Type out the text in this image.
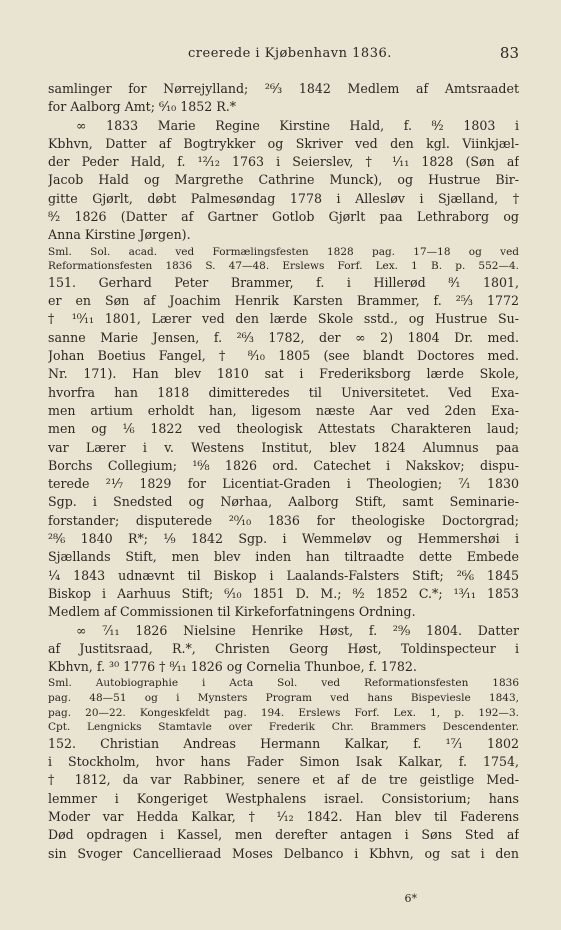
creerede i Kjøbenhavn 1836.	83
samlinger for Nørrejylland; ²⁶⁄₃ 1842 Medlem af Amtsraadet
for Aalborg Amt; ⁶⁄₁₀ 1852 R.*
∞ 1833 Marie Regine Kirstine Hald, f. ⁸⁄₂ 1803 i
Kbhvn, Datter af Bogtrykker og Skriver ved den kgl. Viinkjæl-
der Peder Hald, f. ¹²⁄₁₂ 1763 i Seierslev, † ¹⁄₁₁ 1828 (Søn af
Jacob Hald og Margrethe Cathrine Munck), og Hustrue Bir-
gitte Gjørlt, døbt Palmesøndag 1778 i Allesløv i Sjælland, †
⁸⁄₂ 1826 (Datter af Gartner Gotlob Gjørlt paa Lethraborg og
Anna Kirstine Jørgen).
Sml. Sol. acad. ved Formælingsfesten 1828 pag. 17—18 og ved
Reformationsfesten 1836 S. 47—48. Erslews Forf. Lex. 1 B. p. 552—4.
151. Gerhard Peter Brammer, f. i Hillerød ⁸⁄₁ 1801,
er en Søn af Joachim Henrik Karsten Brammer, f. ²⁵⁄₃ 1772
† ¹⁰⁄₁₁ 1801, Lærer ved den lærde Skole sstd., og Hustrue Su-
sanne Marie Jensen, f. ²⁶⁄₃ 1782, der ∞ 2) 1804 Dr. med.
Johan Boetius Fangel, † ⁸⁄₁₀ 1805 (see blandt Doctores med.
Nr. 171). Han blev 1810 sat i Frederiksborg lærde Skole,
hvorfra han 1818 dimitteredes til Universitetet. Ved Exa-
men artium erholdt han, ligesom næste Aar ved 2den Exa-
men og ¹⁄₆ 1822 ved theologisk Attestats Charakteren laud;
var Lærer i v. Westens Institut, blev 1824 Alumnus paa
Borchs Collegium; ¹⁶⁄₈ 1826 ord. Catechet i Nakskov; dispu-
terede ²¹⁄₇ 1829 for Licentiat-Graden i Theologien; ⁷⁄₁ 1830
Sgp. i Snedsted og Nørhaa, Aalborg Stift, samt Seminarie-
forstander; disputerede ²⁰⁄₁₀ 1836 for theologiske Doctorgrad;
²⁸⁄₆ 1840 R*; ¹⁄₉ 1842 Sgp. i Wemmeløv og Hemmershøi i
Sjællands Stift, men blev inden han tiltraadte dette Embede
¹⁄₄ 1843 udnævnt til Biskop i Laalands-Falsters Stift; ²⁶⁄₆ 1845
Biskop i Aarhuus Stift; ⁶⁄₁₀ 1851 D. M.; ⁸⁄₂ 1852 C.*; ¹³⁄₁₁ 1853
Medlem af Commissionen til Kirkeforfatningens Ordning.
∞ ⁷⁄₁₁ 1826 Nielsine Henrike Høst, f. ²⁹⁄₉ 1804. Datter
af Justitsraad, R.*, Christen Georg Høst, Toldinspecteur i
Kbhvn, f. ³⁰ 1776 † ⁸⁄₁₁ 1826 og Cornelia Thunboe, f. 1782.
Sml. Autobiographie i Acta Sol. ved Reformationsfesten 1836
pag. 48—51 og i Mynsters Program ved hans Bispeviesle 1843,
pag. 20—22. Kongeskfeldt pag. 194. Erslews Forf. Lex. 1, p. 192—3.
Cpt. Lengnicks Stamtavle over Frederik Chr. Brammers Descendenter.
152. Christian Andreas Hermann Kalkar, f. ¹⁷⁄₁ 1802
i Stockholm, hvor hans Fader Simon Isak Kalkar, f. 1754,
† 1812, da var Rabbiner, senere et af de tre geistlige Med-
lemmer i Kongeriget Westphalens israel. Consistorium; hans
Moder var Hedda Kalkar, † ¹⁄₁₂ 1842. Han blev til Faderens
Død opdragen i Kassel, men derefter antagen i Søns Sted af
sin Svoger Cancellieraad Moses Delbanco i Kbhvn, og sat i den
6*
